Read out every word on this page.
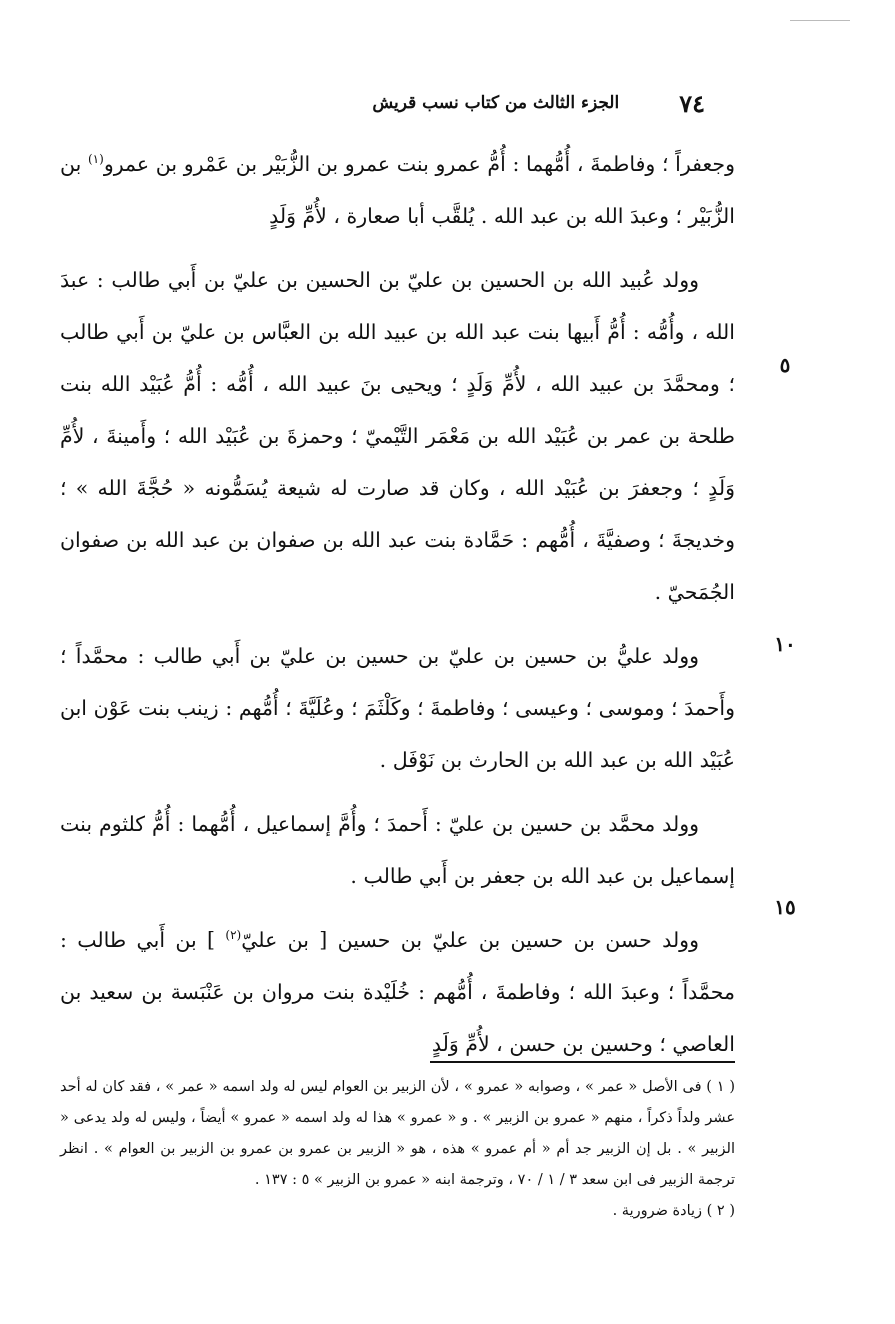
٧٤
الجزء الثالث من كتاب نسب قريش

وجعفراً ؛ وفاطمةَ ، أُمُّهما : أُمُّ عمرو بنت عمرو بن الزُّبَيْر بن عَمْرو بن عمرو$^{(١)}$ بن الزُّبَيْر ؛ وعبدَ الله بن عبد الله . يُلقَّب أبا صعارة ، لأُمِّ وَلَدٍ

وولد عُبيد الله بن الحسين بن عليّ بن الحسين بن عليّ بن أَبي طالب : عبدَ الله ، وأُمُّه : أُمُّ أَبيها بنت عبد الله بن عبيد الله بن العبَّاس بن عليّ بن أَبي طالب ؛ ومحمَّدَ بن عبيد الله ، لأُمِّ وَلَدٍ ؛ ويحيى بنَ عبيد الله ، أُمُّه : أُمُّ عُبَيْد الله بنت طلحة بن عمر بن عُبَيْد الله بن مَعْمَر التَّيْميّ ؛ وحمزةَ بن عُبَيْد الله ؛ وأَمينةَ ، لأُمِّ وَلَدٍ ؛ وجعفرَ بن عُبَيْد الله ، وكان قد صارت له شيعة يُسَمُّونه « حُجَّةَ الله » ؛ وخديجةَ ؛ وصفيَّةَ ، أُمُّهم : حَمَّادة بنت عبد الله بن صفوان بن عبد الله بن صفوان الجُمَحيّ .

وولد عليُّ بن حسين بن عليّ بن حسين بن عليّ بن أَبي طالب : محمَّداً ؛ وأَحمدَ ؛ وموسى ؛ وعيسى ؛ وفاطمةَ ؛ وكَلْثَمَ ؛ وعُلَيَّةَ ؛ أُمُّهم : زينب بنت عَوْن ابن عُبَيْد الله بن عبد الله بن الحارث بن نَوْفَل .

وولد محمَّد بن حسين بن عليّ : أَحمدَ ؛ وأُمَّ إسماعيل ، أُمُّهما : أُمُّ كلثوم بنت إسماعيل بن عبد الله بن جعفر بن أَبي طالب .

وولد حسن بن حسين بن عليّ بن حسين [ بن عليّ$^{(٢)}$ ] بن أَبي طالب : محمَّداً ؛ وعبدَ الله ؛ وفاطمةَ ، أُمُّهم : خُلَيْدة بنت مروان بن عَنْبَسة بن سعيد بن العاصي ؛ وحسين بن حسن ، لأُمِّ وَلَدٍ

٥
١٠
١٥

( ١ ) فى الأصل « عمر » ، وصوابه « عمرو » ، لأن الزبير بن العوام ليس له ولد اسمه « عمر » ، فقد كان له أحد عشر ولداً ذكراً ، منهم « عمرو بن الزبير » . و « عمرو » هذا له ولد اسمه « عمرو » أيضاً ، وليس له ولد يدعى « الزبير » . بل إن الزبير جد أم « أم عمرو » هذه ، هو « الزبير بن عمرو بن عمرو بن الزبير بن العوام » . انظر ترجمة الزبير فى ابن سعد ٣ / ١ / ٧٠ ، وترجمة ابنه « عمرو بن الزبير » ٥ : ١٣٧ .

( ٢ ) زيادة ضرورية .
